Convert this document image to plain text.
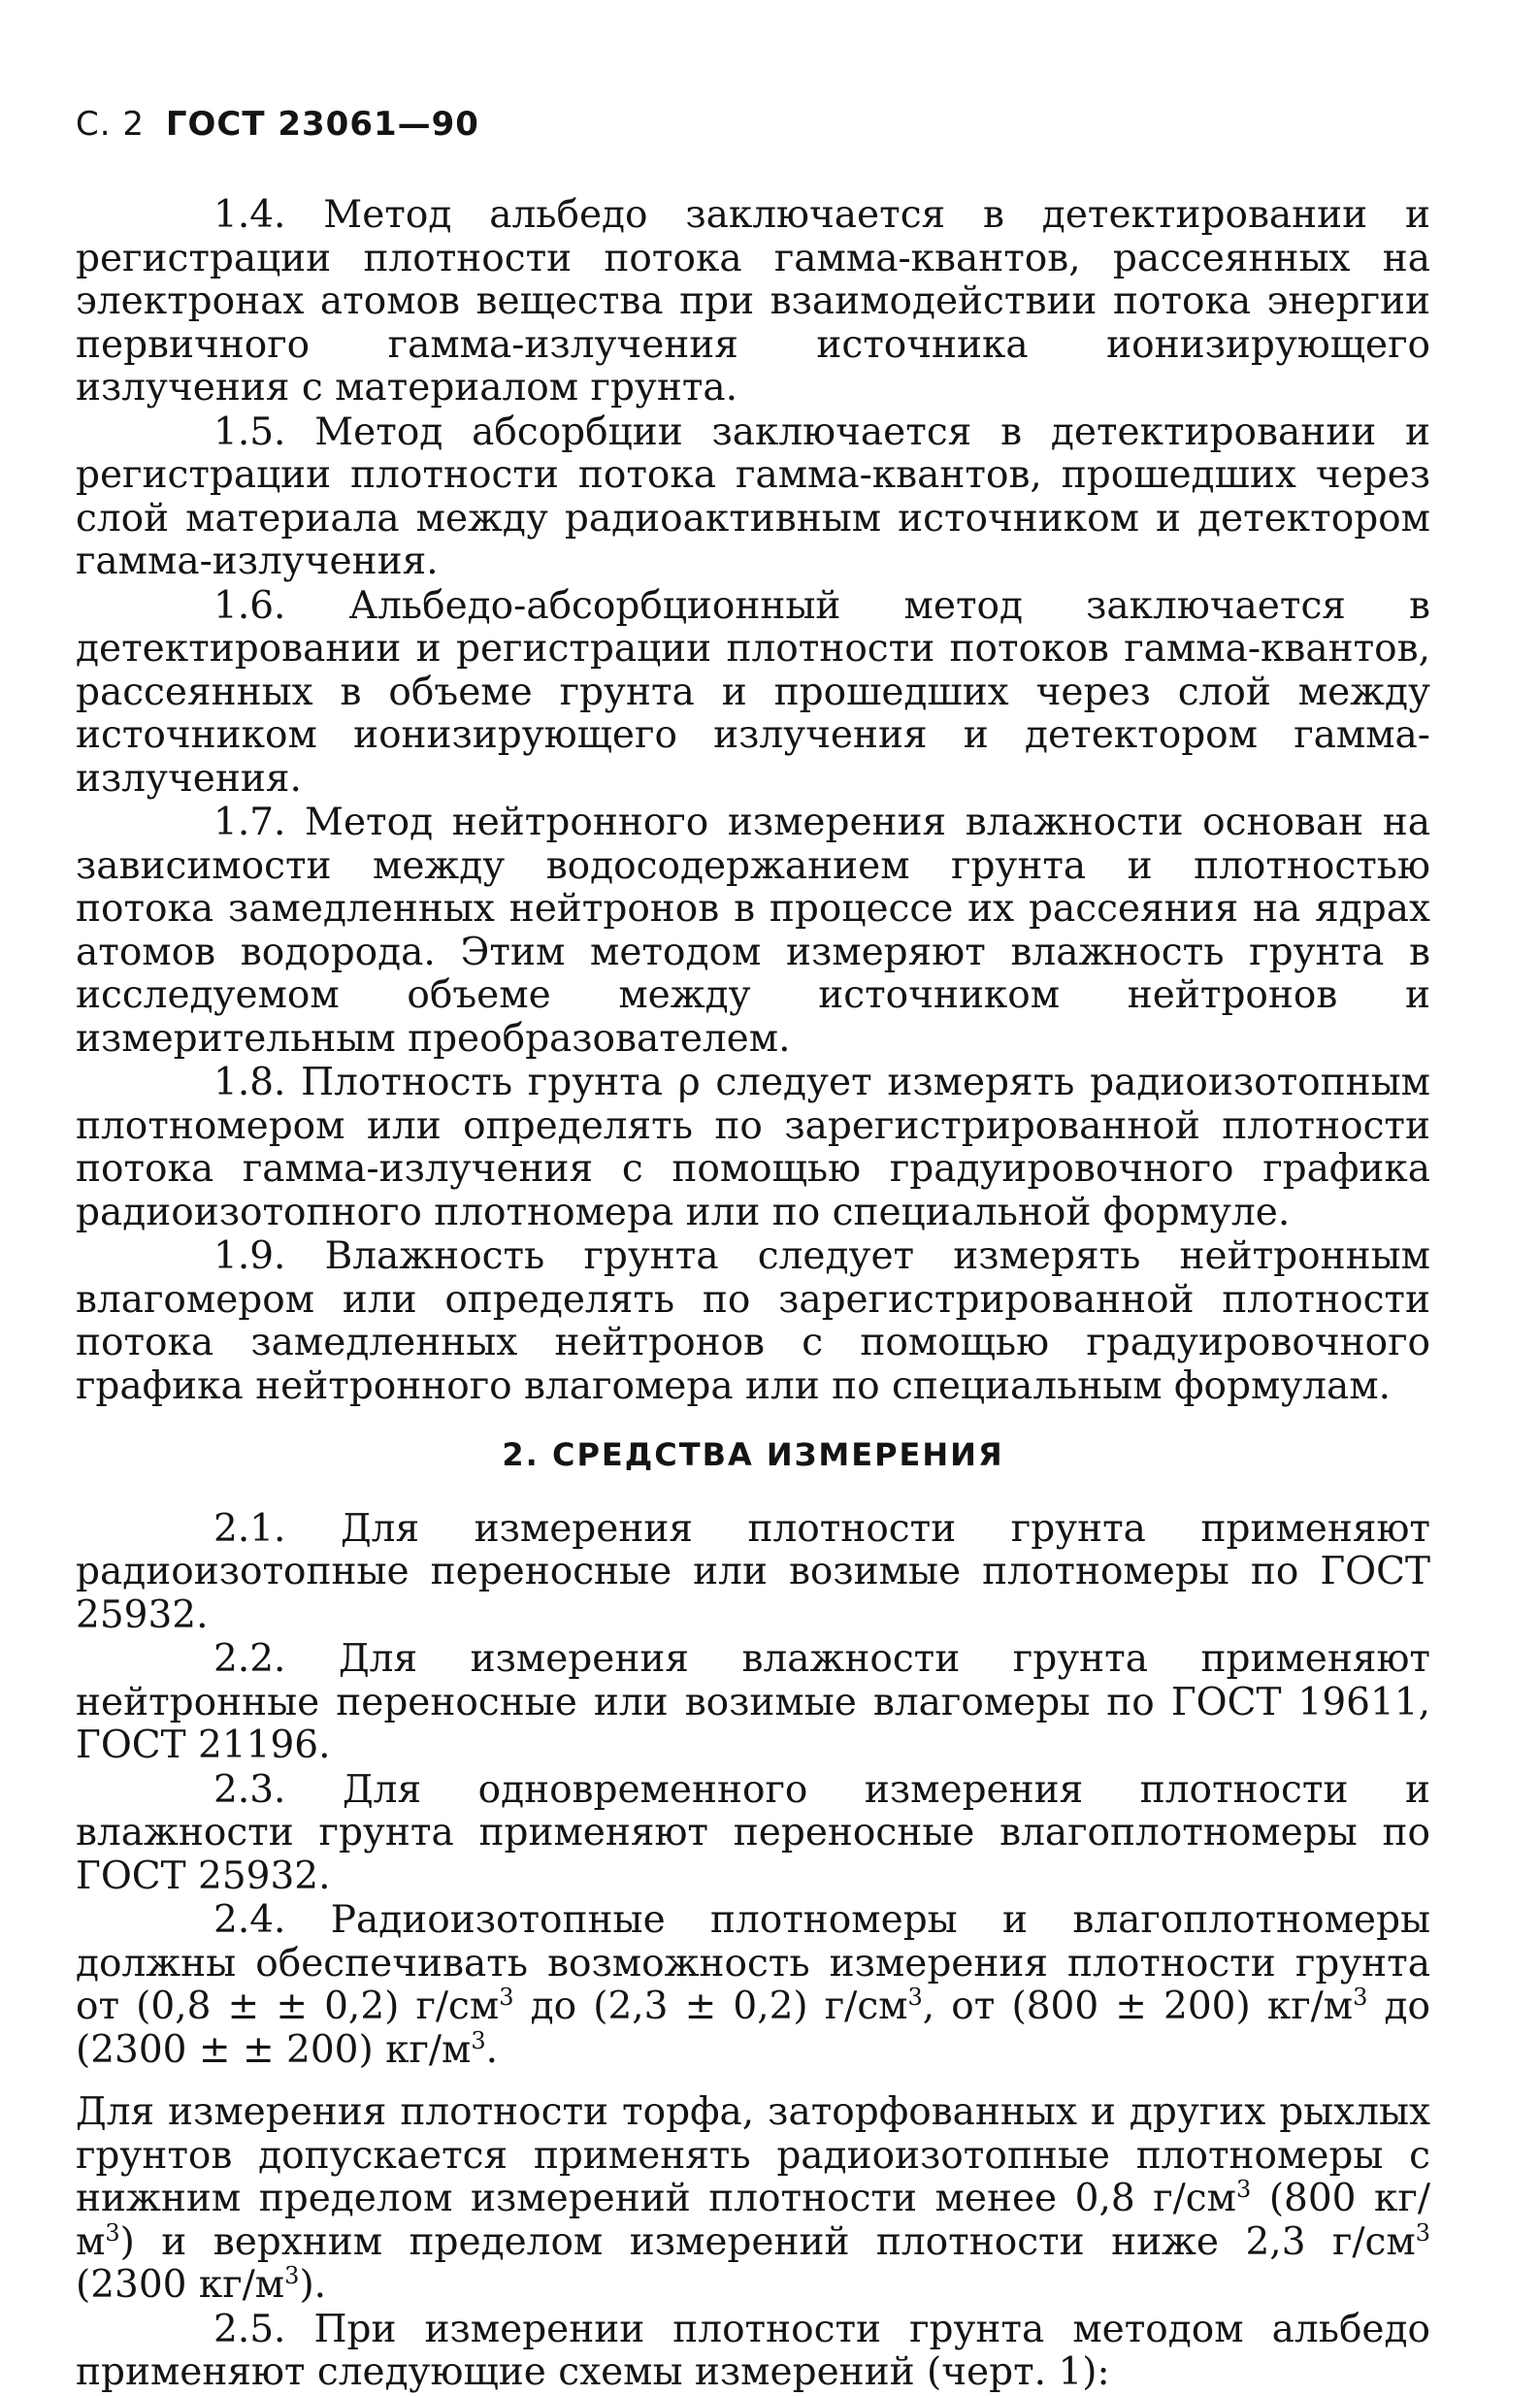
С. 2 ГОСТ 23061—90

1.4. Метод альбедо заключается в детектировании и регистрации плотности потока гамма-квантов, рассеянных на электронах атомов вещества при взаимодействии потока энергии первичного гамма-излучения источника ионизирующего излучения с материалом грунта.

1.5. Метод абсорбции заключается в детектировании и регистрации плотности потока гамма-квантов, прошедших через слой материала между радиоактивным источником и детектором гамма-излучения.

1.6. Альбедо-абсорбционный метод заключается в детектировании и регистрации плотности потоков гамма-квантов, рассеянных в объеме грунта и прошедших через слой между источником ионизирующего излучения и детектором гамма-излучения.

1.7. Метод нейтронного измерения влажности основан на зависимости между водосодержанием грунта и плотностью потока замедленных нейтронов в процессе их рассеяния на ядрах атомов водорода. Этим методом измеряют влажность грунта в исследуемом объеме между источником нейтронов и измерительным преобразователем.

1.8. Плотность грунта ρ следует измерять радиоизотопным плотномером или определять по зарегистрированной плотности потока гамма-излучения с помощью градуировочного графика радиоизотопного плотномера или по специальной формуле.

1.9. Влажность грунта следует измерять нейтронным влагомером или определять по зарегистрированной плотности потока замедленных нейтронов с помощью градуировочного графика нейтронного влагомера или по специальным формулам.

2. СРЕДСТВА ИЗМЕРЕНИЯ

2.1. Для измерения плотности грунта применяют радиоизотопные переносные или возимые плотномеры по ГОСТ 25932.

2.2. Для измерения влажности грунта применяют нейтронные переносные или возимые влагомеры по ГОСТ 19611, ГОСТ 21196.

2.3. Для одновременного измерения плотности и влажности грунта применяют переносные влагоплотномеры по ГОСТ 25932.

2.4. Радиоизотопные плотномеры и влагоплотномеры должны обеспечивать возможность измерения плотности грунта от (0,8 ± ± 0,2) $г/см^3$ до (2,3 ± 0,2) $г/см^3$, от (800 ± 200) $кг/м^3$ до (2300 ± ± 200) $кг/м^3$.

Для измерения плотности торфа, заторфованных и других рыхлых грунтов допускается применять радиоизотопные плотномеры с нижним пределом измерений плотности менее 0,8 $г/см^3$ (800 $кг/м^3$) и верхним пределом измерений плотности ниже 2,3 $г/см^3$ (2300 $кг/м^3$).

2.5. При измерении плотности грунта методом альбедо применяют следующие схемы измерений (черт. 1):
